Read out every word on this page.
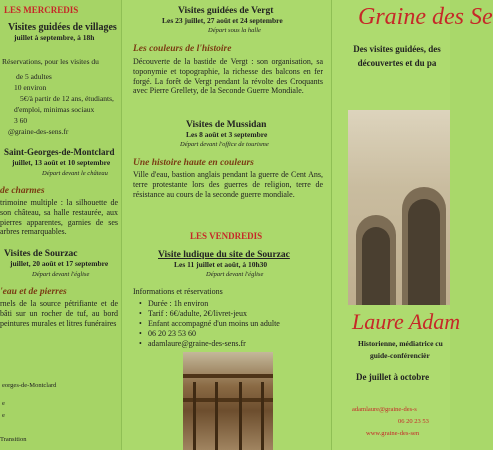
LES MERCREDIS
Visites guidées de villages
juillet à septembre, à 18h
Réservations, pour les visites du
de 5 adultes
10 environ
5€/à partir de 12 ans, étudiants,
d'emploi, minimas sociaux
3 60
@graine-des-sens.fr
Saint-Georges-de-Montclard
juillet, 13 août et 10 septembre
Départ devant le château
de charmes
trimoine multiple : la silhouette de son château, sa halle restaurée, aux pierres apparentes, garnies de ses arbres remarquables.
Visites de Sourzac
juillet, 20 août et 17 septembre
Départ devant l'église
'eau et de pierres
rnels de la source pétrifiante et de bâti sur un rocher de tuf, au bord peintures murales et litres funéraires
eorges-de-Montclard
e
e
Transition
Visites guidées de Vergt
Les 23 juillet, 27 août et 24 septembre
Départ sous la halle
Les couleurs de l'histoire
Découverte de la bastide de Vergt : son organisation, sa toponymie et topographie, la richesse des balcons en fer forgé. La forêt de Vergt pendant la révolte des Croquants avec Pierre Grellety, de la Seconde Guerre Mondiale.
Visites de Mussidan
Les 8 août et 3 septembre
Départ devant l'office de tourisme
Une histoire haute en couleurs
Ville d'eau, bastion anglais pendant la guerre de Cent Ans, terre protestante lors des guerres de religion, terre de résistance au cours de la seconde guerre mondiale.
LES VENDREDIS
Visite ludique du site de Sourzac
Les 11 juillet et août, à 10h30
Départ devant l'église
Informations et réservations
• Durée : 1h environ
• Tarif : 6€/adulte, 2€/livret-jeux
• Enfant accompagné d'un moins un adulte
• 06 20 23 53 60
• adamlaure@graine-des-sens.fr
Graine des Se
Des visites guidées, des découvertes et du pa
Laure Adam
Historienne, médiatrice cu
guide-conférencièr
De juillet à octobre
adamlaure@graine-des-s
06 20 23 53
www.graine-des-sen
